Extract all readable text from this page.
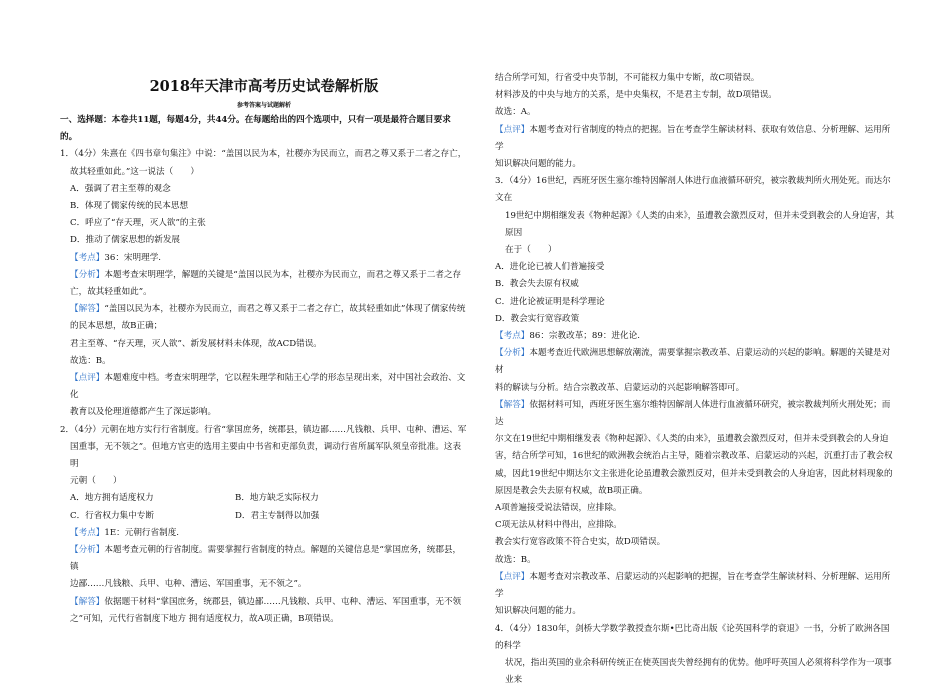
2018年天津市高考历史试卷解析版
参考答案与试题解析

一、选择题：本卷共11题，每题4分，共44分。在每题给出的四个选项中，只有一项是最符合题目要求的。

1．（4分）朱熹在《四书章句集注》中说：“盖国以民为本，社稷亦为民而立，而君之尊又系于二者之存亡，

故其轻重如此。”这一说法（　　）

A．强调了君主至尊的观念

B．体现了儒家传统的民本思想

C．呼应了“存天理，灭人欲”的主张

D．推动了儒家思想的新发展

【考点】36：宋明理学.

【分析】本题考查宋明理学，解题的关键是“盖国以民为本，社稷亦为民而立，而君之尊又系于二者之存

亡，故其轻重如此”。

【解答】“盖国以民为本，社稷亦为民而立，而君之尊又系于二者之存亡，故其轻重如此”体现了儒家传统

的民本思想，故B正确；

君主至尊、“存天理，灭人欲”、新发展材料未体现，故ACD错误。

故选：B。

【点评】本题难度中档。考查宋明理学，它以程朱理学和陆王心学的形态呈现出来，对中国社会政治、文化

教育以及伦理道德都产生了深远影响。

2．（4分）元朝在地方实行行省制度。行省“掌国庶务，统郡县，镇边鄙……凡钱粮、兵甲、屯种、漕运、军

国重事，无不领之”。但地方官吏的选用主要由中书省和吏部负责，调动行省所属军队须皇帝批准。这表明

元朝（　　）

A．地方拥有适度权力	B．地方缺乏实际权力
C．行省权力集中专断	D．君主专制得以加强

【考点】1E：元朝行省制度.

【分析】本题考查元朝的行省制度。需要掌握行省制度的特点。解题的关键信息是“掌国庶务，统郡县，镇

边鄙……凡钱粮、兵甲、屯种、漕运、军国重事，无不领之”。

【解答】依据题干材料“掌国庶务，统郡县，镇边鄙……凡钱粮、兵甲、屯种、漕运、军国重事，无不领

之”可知，元代行省制度下地方 拥有适度权力，故A项正确，B项错误。

结合所学可知，行省受中央节制，不可能权力集中专断，故C项错误。

材料涉及的中央与地方的关系，是中央集权，不是君主专制，故D项错误。

故选：A。

【点评】本题考查对行省制度的特点的把握。旨在考查学生解读材料、获取有效信息、分析理解、运用所学

知识解决问题的能力。

3．（4分）16世纪，西班牙医生塞尔维特因解剖人体进行血液循环研究，被宗教裁判所火刑处死。而达尔文在

19世纪中期相继发表《物种起源》《人类的由来》，虽遭教会激烈反对，但并未受到教会的人身迫害，其原因

在于（　　）

A．进化论已被人们普遍接受

B．教会失去原有权威

C．进化论被证明是科学理论

D．教会实行宽容政策

【考点】86：宗教改革；89：进化论.

【分析】本题考查近代欧洲思想解放潮流，需要掌握宗教改革、启蒙运动的兴起的影响。解题的关键是对材

料的解读与分析。结合宗教改革、启蒙运动的兴起影响解答即可。

【解答】依据材料可知，西班牙医生塞尔维特因解剖人体进行血液循环研究，被宗教裁判所火刑处死；而达

尔文在19世纪中期相继发表《物种起源》、《人类的由来》，虽遭教会激烈反对，但并未受到教会的人身迫

害，结合所学可知，16世纪的欧洲教会统治占主导，随着宗教改革、启蒙运动的兴起，沉重打击了教会权

威，因此19世纪中期达尔文主张进化论虽遭教会激烈反对，但并未受到教会的人身迫害，因此材料现象的

原因是教会失去原有权威，故B项正确。

A项普遍接受说法错误，应排除。

C项无法从材料中得出，应排除。

教会实行宽容政策不符合史实，故D项错误。

故选：B。

【点评】本题考查对宗教改革、启蒙运动的兴起影响的把握，旨在考查学生解读材料、分析理解、运用所学

知识解决问题的能力。

4．（4分）1830年，剑桥大学数学教授查尔斯•巴比奇出版《论英国科学的衰退》一书，分析了欧洲各国的科学

状况，指出英国的业余科研传统正在使英国丧失曾经拥有的优势。他呼吁英国人必须将科学作为一项事业来
